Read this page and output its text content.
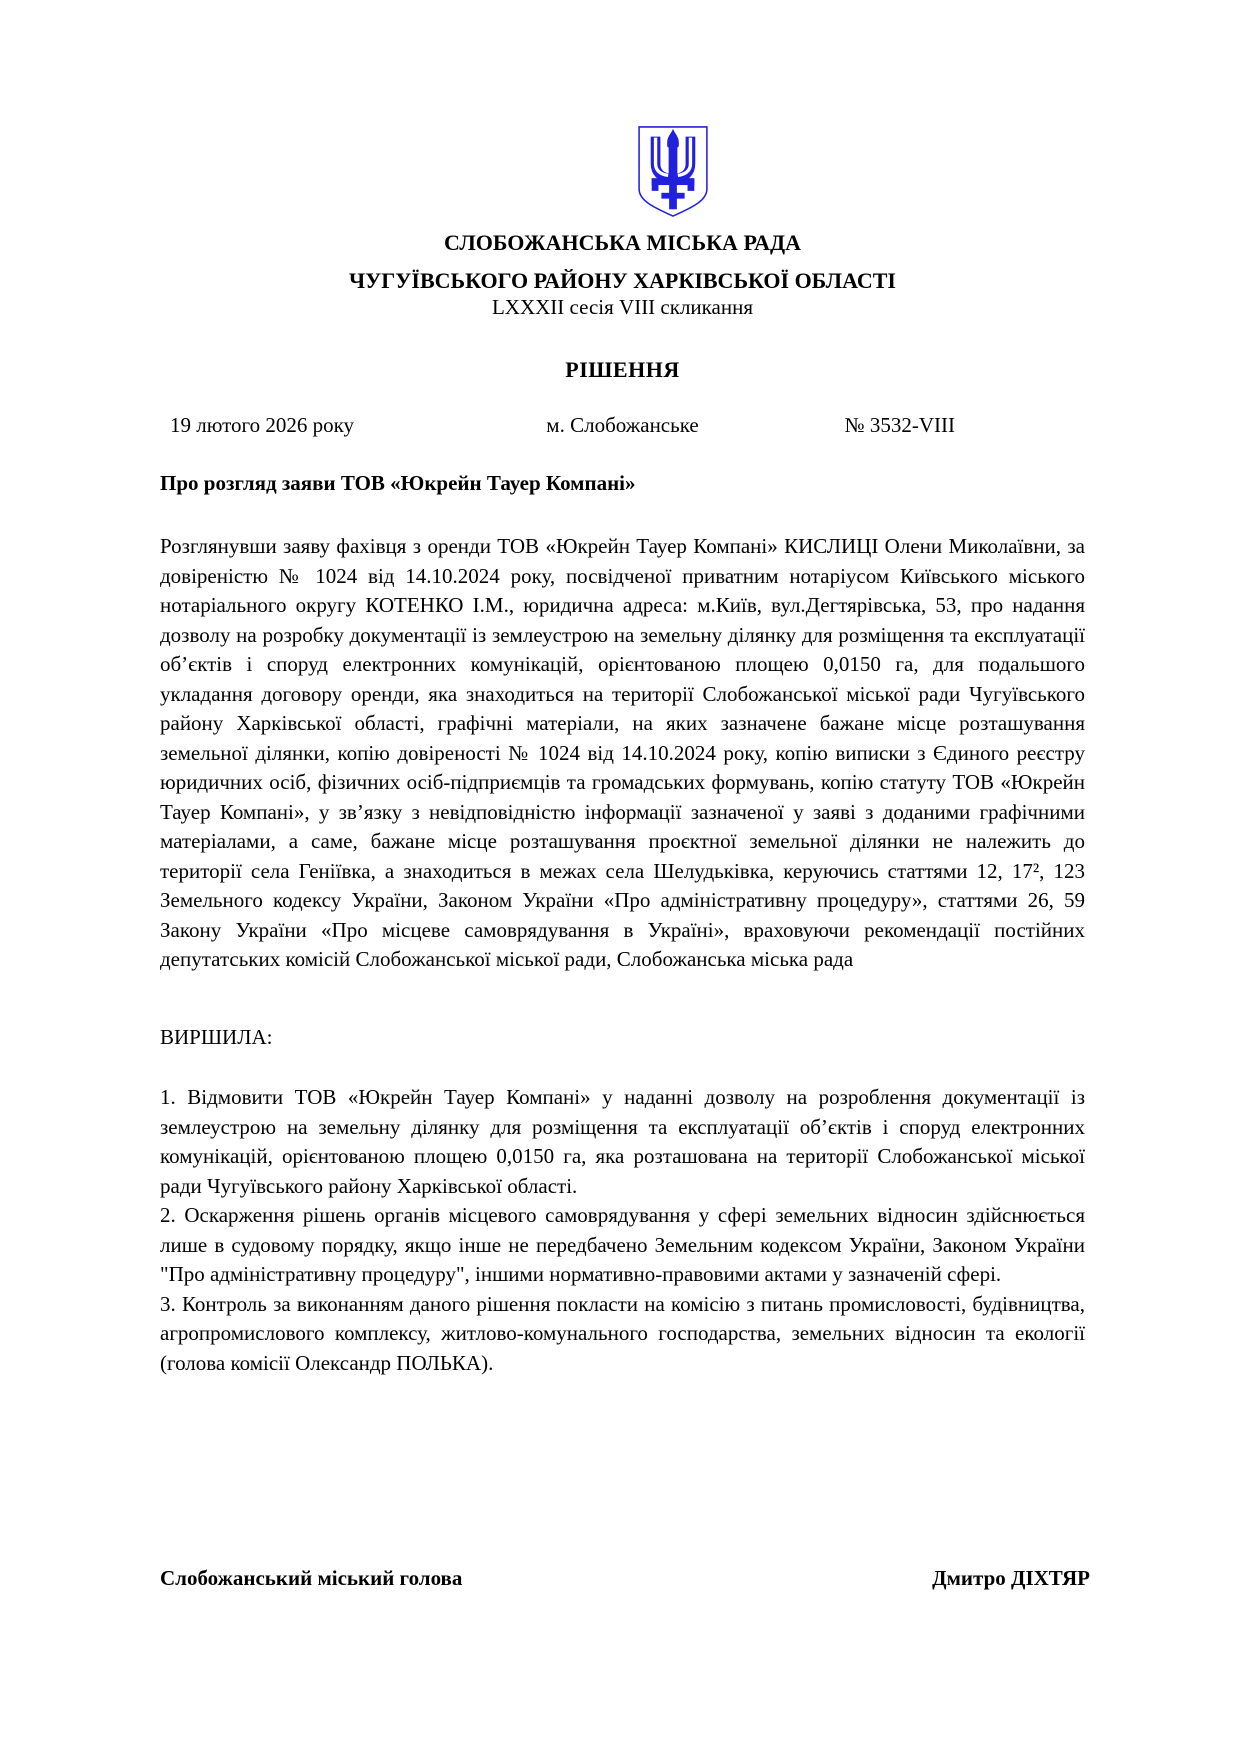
СЛОБОЖАНСЬКА МІСЬКА РАДА
ЧУГУЇВСЬКОГО РАЙОНУ ХАРКІВСЬКОЇ ОБЛАСТІ
LXXXII сесія VIII скликання
РІШЕННЯ
19 лютого 2026 року	м. Слобожанське	№ 3532-VIII
Про розгляд заяви ТОВ «Юкрейн Тауер Компані»

Розглянувши заяву фахівця з оренди ТОВ «Юкрейн Тауер Компані» КИСЛИЦІ Олени Миколаївни, за довіреністю № 1024 від 14.10.2024 року, посвідченої приватним нотаріусом Київського міського нотаріального округу КОТЕНКО І.М., юридична адреса: м.Київ, вул.Дегтярівська, 53, про надання дозволу на розробку документації із землеустрою на земельну ділянку для розміщення та експлуатації об’єктів і споруд електронних комунікацій, орієнтованою площею 0,0150 га, для подальшого укладання договору оренди, яка знаходиться на території Слобожанської міської ради Чугуївського району Харківської області, графічні матеріали, на яких зазначене бажане місце розташування земельної ділянки, копію довіреності № 1024 від 14.10.2024 року, копію виписки з Єдиного реєстру юридичних осіб, фізичних осіб-підприємців та громадських формувань, копію статуту ТОВ «Юкрейн Тауер Компані», у зв’язку з невідповідністю інформації зазначеної у заяві з доданими графічними матеріалами, а саме, бажане місце розташування проєктної земельної ділянки не належить до території села Геніївка, а знаходиться в межах села Шелудьківка, керуючись статтями 12, 17², 123 Земельного кодексу України, Законом України «Про адміністративну процедуру», статтями 26, 59 Закону України «Про місцеве самоврядування в Україні», враховуючи рекомендації постійних депутатських комісій Слобожанської міської ради, Слобожанська міська рада

ВИРШИЛА:

1. Відмовити ТОВ «Юкрейн Тауер Компані» у наданні дозволу на розроблення документації із землеустрою на земельну ділянку для розміщення та експлуатації об’єктів і споруд електронних комунікацій, орієнтованою площею 0,0150 га, яка розташована на території Слобожанської міської ради Чугуївського району Харківської області.

2. Оскарження рішень органів місцевого самоврядування у сфері земельних відносин здійснюється лише в судовому порядку, якщо інше не передбачено Земельним кодексом України, Законом України "Про адміністративну процедуру", іншими нормативно-правовими актами у зазначеній сфері.

3. Контроль за виконанням даного рішення покласти на комісію з питань промисловості, будівництва, агропромислового комплексу, житлово-комунального господарства, земельних відносин та екології (голова комісії Олександр ПОЛЬКА).

Слобожанський міський голова	Дмитро ДІХТЯР
